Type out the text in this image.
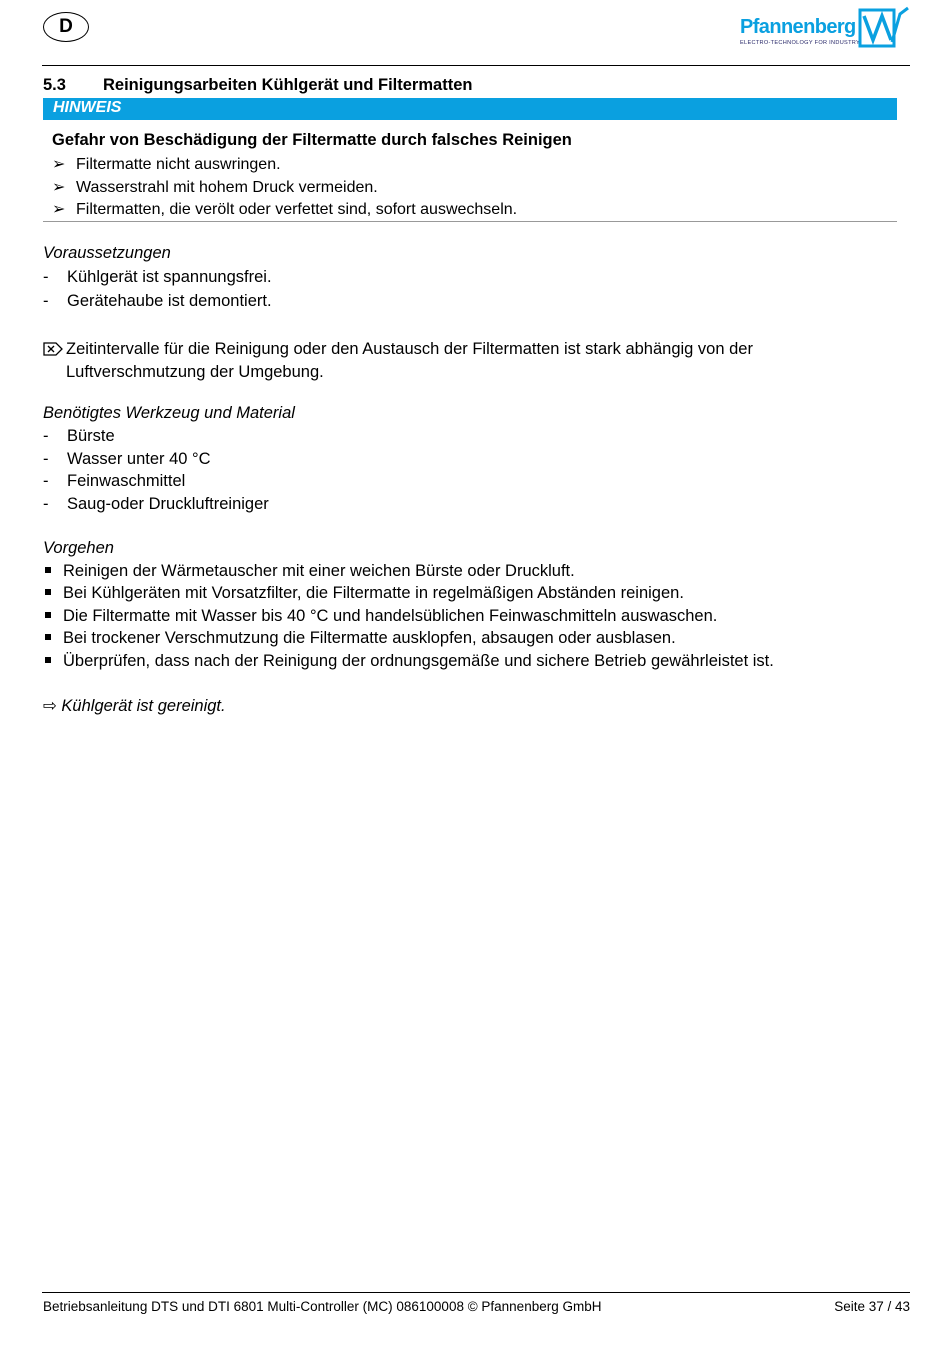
D	Pfannenberg
ELECTRO-TECHNOLOGY FOR INDUSTRY
5.3 Reinigungsarbeiten Kühlgerät und Filtermatten
HINWEIS
Gefahr von Beschädigung der Filtermatte durch falsches Reinigen
➢ Filtermatte nicht auswringen.
➢ Wasserstrahl mit hohem Druck vermeiden.
➢ Filtermatten, die verölt oder verfettet sind, sofort auswechseln.
Voraussetzungen
- Kühlgerät ist spannungsfrei.
- Gerätehaube ist demontiert.
Zeitintervalle für die Reinigung oder den Austausch der Filtermatten ist stark abhängig von der Luftverschmutzung der Umgebung.
Benötigtes Werkzeug und Material
- Bürste
- Wasser unter 40 °C
- Feinwaschmittel
- Saug-oder Druckluftreiniger
Vorgehen
Reinigen der Wärmetauscher mit einer weichen Bürste oder Druckluft.
Bei Kühlgeräten mit Vorsatzfilter, die Filtermatte in regelmäßigen Abständen reinigen.
Die Filtermatte mit Wasser bis 40 °C und handelsüblichen Feinwaschmitteln auswaschen.
Bei trockener Verschmutzung die Filtermatte ausklopfen, absaugen oder ausblasen.
Überprüfen, dass nach der Reinigung der ordnungsgemäße und sichere Betrieb gewährleistet ist.
⇨ Kühlgerät ist gereinigt.
Betriebsanleitung DTS und DTI 6801 Multi-Controller (MC) 086100008 © Pfannenberg GmbH	Seite 37 / 43
